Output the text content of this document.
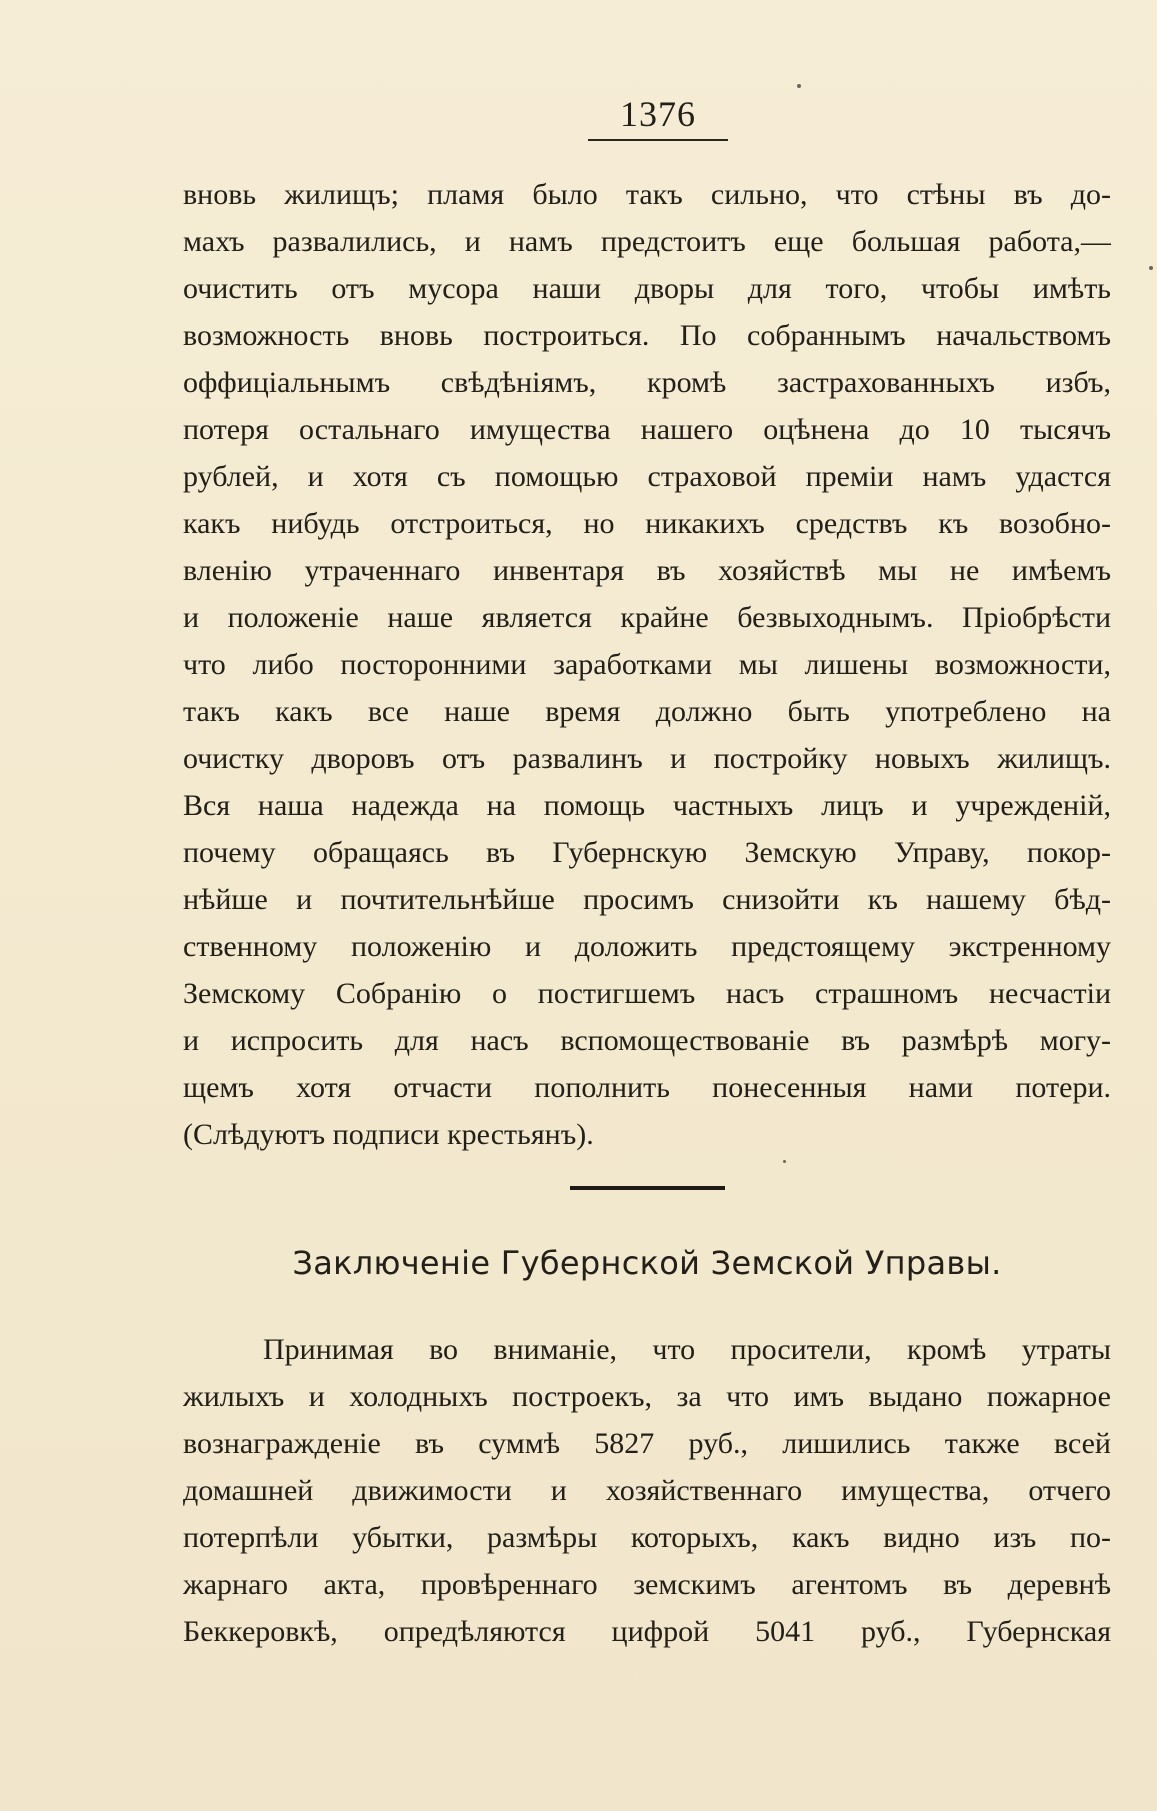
1376
вновь жилищъ; пламя было такъ сильно, что стѣны въ до-
махъ развалились, и намъ предстоитъ еще большая работа,—
очистить отъ мусора наши дворы для того, чтобы имѣть
возможность вновь построиться. По собраннымъ начальствомъ
оффиціальнымъ свѣдѣніямъ, кромѣ застрахованныхъ избъ,
потеря остальнаго имущества нашего оцѣнена до 10 тысячъ
рублей, и хотя съ помощью страховой преміи намъ удастся
какъ нибудь отстроиться, но никакихъ средствъ къ возобно-
вленію утраченнаго инвентаря въ хозяйствѣ мы не имѣемъ
и положеніе наше является крайне безвыходнымъ. Пріобрѣсти
что либо посторонними заработками мы лишены возможности,
такъ какъ все наше время должно быть употреблено на
очистку дворовъ отъ развалинъ и постройку новыхъ жилищъ.
Вся наша надежда на помощь частныхъ лицъ и учрежденій,
почему обращаясь въ Губернскую Земскую Управу, покор-
нѣйше и почтительнѣйше просимъ снизойти къ нашему бѣд-
ственному положенію и доложить предстоящему экстренному
Земскому Собранію о постигшемъ насъ страшномъ несчастіи
и испросить для насъ вспомоществованіе въ размѣрѣ могу-
щемъ хотя отчасти пополнить понесенныя нами потери.
(Слѣдуютъ подписи крестьянъ).
Заключеніе Губернской Земской Управы.
Принимая во вниманіе, что просители, кромѣ утраты
жилыхъ и холодныхъ построекъ, за что имъ выдано пожарное
вознагражденіе въ суммѣ 5827 руб., лишились также всей
домашней движимости и хозяйственнаго имущества, отчего
потерпѣли убытки, размѣры которыхъ, какъ видно изъ по-
жарнаго акта, провѣреннаго земскимъ агентомъ въ деревнѣ
Беккеровкѣ, опредѣляются цифрой 5041 руб., Губернская
